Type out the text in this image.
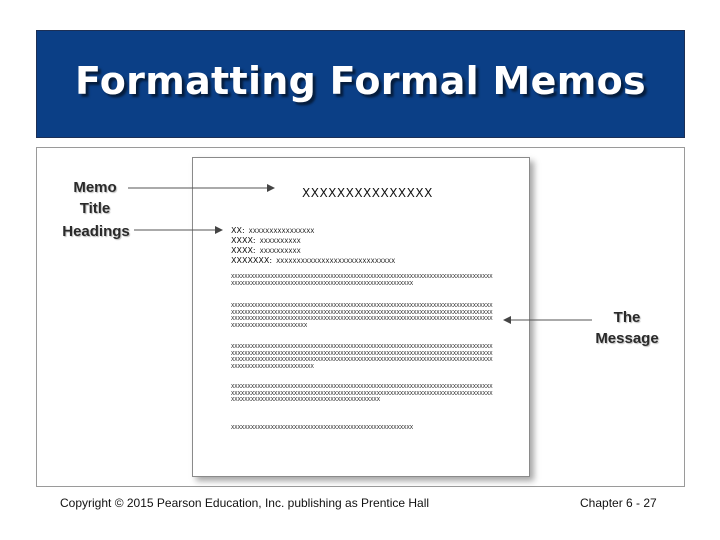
Formatting Formal Memos
Memo
Title
Headings
The
Message
XXXXXXXXXXXXXXX
XX: XXXXXXXXXXXXXXXX
XXXX: XXXXXXXXXX
XXXX: XXXXXXXXXX
XXXXXXX: XXXXXXXXXXXXXXXXXXXXXXXXXXXXX
XXXXXXXXXXXXXXXXXXXXXXXXXXXXXXXXXXXXXXXXXXXXXXXXXXXXXXXXXXXXXXXXXXXXXXXXXXXXXXXXXXXXXXXXXXXXXXXXXXXXXXXXXXXXXXXXXXXXXXXXXXXXXXXXXXXXXX
XXXXXXXXXXXXXXXXXXXXXXXXXXXXXXXXXXXXXXXXXXXXXXXXXXXXXXXXXXXXXXXXXXXXXXXXXXXXXXXXXXXXXXXXXXXXXXXXXXXXXXXXXXXXXXXXXXXXXXXXXXXXXXXXXXXXXXXXXXXXXXXXXXXXXXXXXXXXXXXXXXXXXXXXXXXXXXXXXXXXXXXXXXXXXXXXXXXXXXXXXXXXXXXXXXXXXXXXXXXXXXXXXXXXXXXXXXXXXXXXXXXXXXXXXXXXXXXXXXXX
XXXXXXXXXXXXXXXXXXXXXXXXXXXXXXXXXXXXXXXXXXXXXXXXXXXXXXXXXXXXXXXXXXXXXXXXXXXXXXXXXXXXXXXXXXXXXXXXXXXXXXXXXXXXXXXXXXXXXXXXXXXXXXXXXXXXXXXXXXXXXXXXXXXXXXXXXXXXXXXXXXXXXXXXXXXXXXXXXXXXXXXXXXXXXXXXXXXXXXXXXXXXXXXXXXXXXXXXXXXXXXXXXXXXXXXXXXXXXXXXXXXXXXXXXXXXXXXXXXXXXX
XXXXXXXXXXXXXXXXXXXXXXXXXXXXXXXXXXXXXXXXXXXXXXXXXXXXXXXXXXXXXXXXXXXXXXXXXXXXXXXXXXXXXXXXXXXXXXXXXXXXXXXXXXXXXXXXXXXXXXXXXXXXXXXXXXXXXXXXXXXXXXXXXXXXXXXXXXXXXXXXXXXXXXXXXXXXXXXXXXXXXXXXXXXXXXXXXXXXXXXXXXX
XXXXXXXXXXXXXXXXXXXXXXXXXXXXXXXXXXXXXXXXXXXXXXXXXXXXXXX
Copyright © 2015 Pearson Education, Inc. publishing as Prentice Hall	Chapter 6 - 27
